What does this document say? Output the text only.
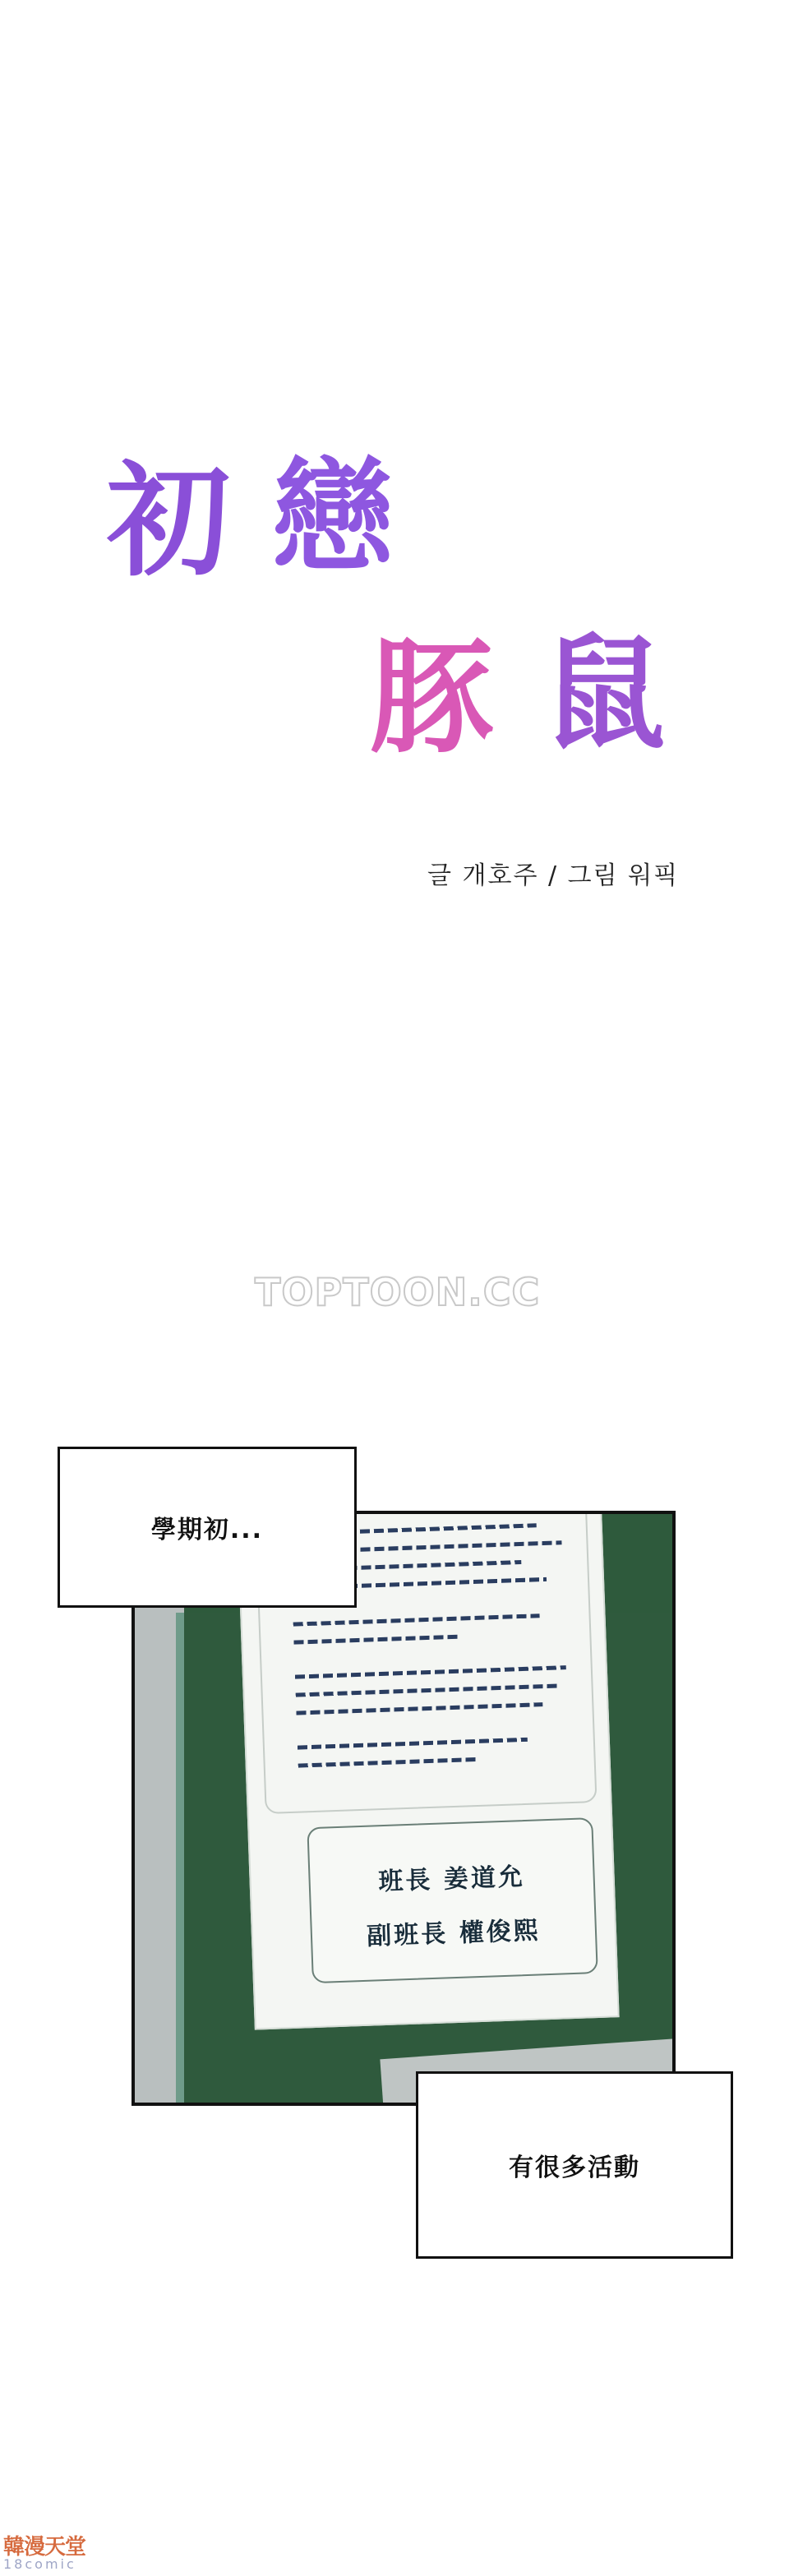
初 戀
豚 鼠
글 개호주 / 그림 워픽
TOPTOON.CC
班長 姜道允
副班長 權俊熙
學期初...
有很多活動
韓漫天堂
18comic
